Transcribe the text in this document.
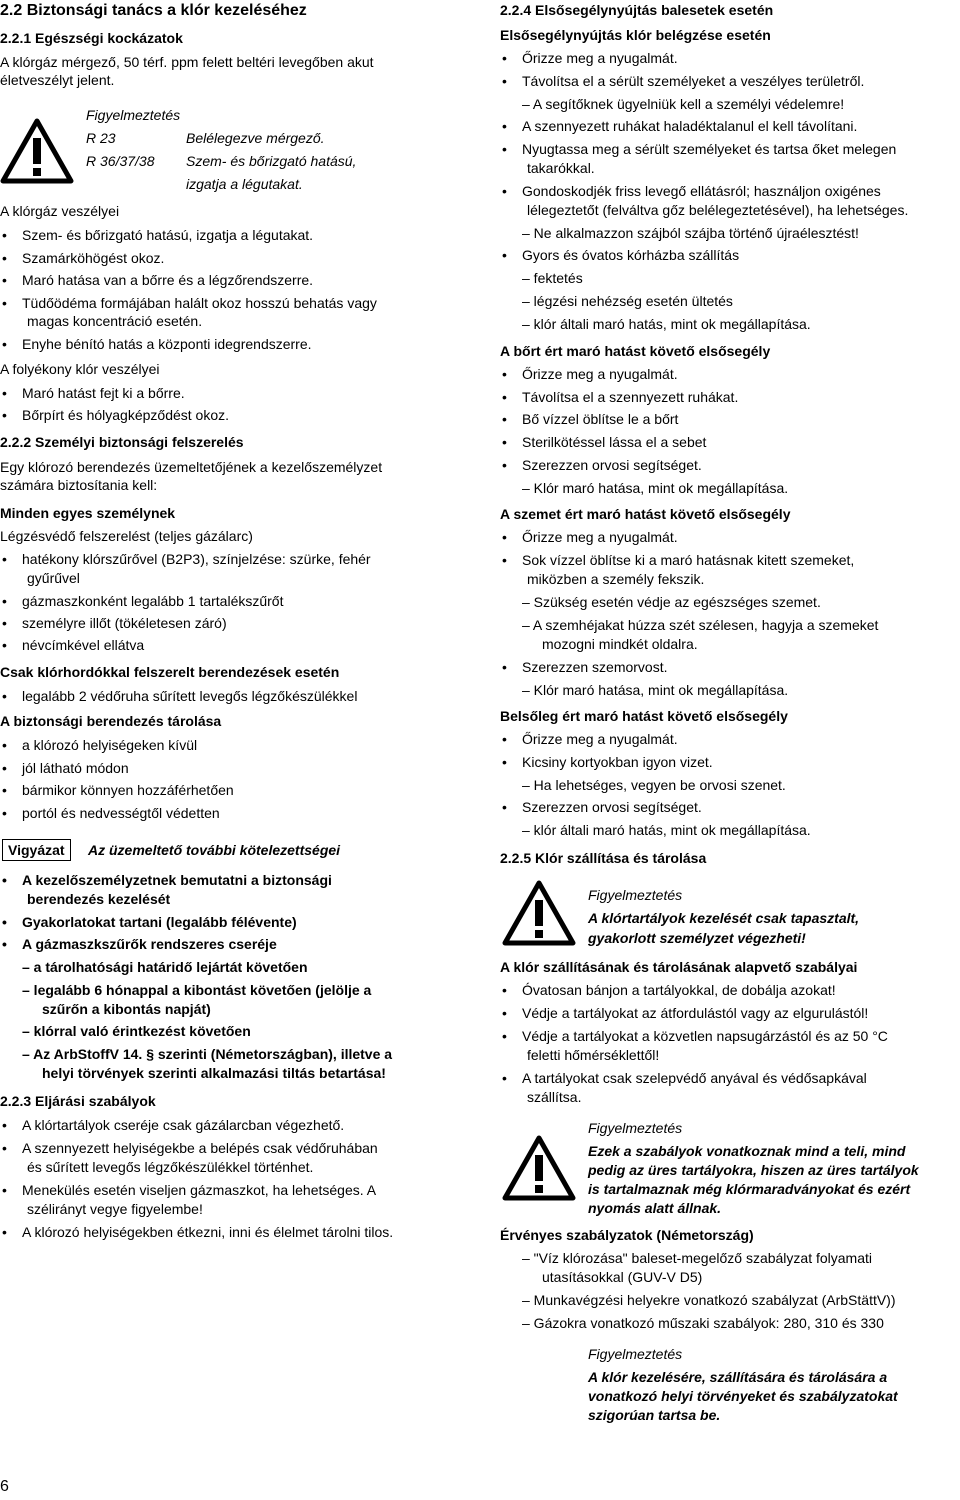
2.2 Biztonsági tanács a klór kezeléséhez
2.2.1 Egészségi kockázatok
A klórgáz mérgező, 50 térf. ppm felett beltéri levegőben akut
életveszélyt jelent.
Figyelmeztetés
R 23	Belélegezve mérgező.
R 36/37/38 Szem- és bőrizgató hatású,
izgatja a légutakat.
A klórgáz veszélyei
• Szem- és bőrizgató hatású, izgatja a légutakat.
• Szamárköhögést okoz.
• Maró hatása van a bőrre és a légzőrendszerre.
• Tüdőödéma formájában halált okoz hosszú behatás vagy
magas koncentráció esetén.
• Enyhe bénító hatás a központi idegrendszerre.
A folyékony klór veszélyei
• Maró hatást fejt ki a bőrre.
• Bőrpírt és hólyagképződést okoz.
2.2.2 Személyi biztonsági felszerelés
Egy klórozó berendezés üzemeltetőjének a kezelőszemélyzet
számára biztosítania kell:
Minden egyes személynek
Légzésvédő felszerelést (teljes gázálarc)
• hatékony klórszűrővel (B2P3), színjelzése: szürke, fehér
gyűrűvel
• gázmaszkonként legalább 1 tartalékszűrőt
• személyre illőt (tökéletesen záró)
• névcímkével ellátva
Csak klórhordókkal felszerelt berendezések esetén
• legalább 2 védőruha sűrített levegős légzőkészülékkel
A biztonsági berendezés tárolása
• a klórozó helyiségeken kívül
• jól látható módon
• bármikor könnyen hozzáférhetően
• portól és nedvességtől védetten
Vigyázat	Az üzemeltető további kötelezettségei
• A kezelőszemélyzetnek bemutatni a biztonsági
berendezés kezelését
• Gyakorlatokat tartani (legalább félévente)
• A gázmaszkszűrők rendszeres cseréje
– a tárolhatósági határidő lejártát követően
– legalább 6 hónappal a kibontást követően (jelölje a
szűrőn a kibontás napját)
– klórral való érintkezést követően
– Az ArbStoffV 14. § szerinti (Németországban), illetve a
helyi törvények szerinti alkalmazási tiltás betartása!
2.2.3 Eljárási szabályok
• A klórtartályok cseréje csak gázálarcban végezhető.
• A szennyezett helyiségekbe a belépés csak védőruhában
és sűrített levegős légzőkészülékkel történhet.
• Menekülés esetén viseljen gázmaszkot, ha lehetséges. A
szélirányt vegye figyelembe!
• A klórozó helyiségekben étkezni, inni és élelmet tárolni tilos.
6
2.2.4 Elsősegélynyújtás balesetek esetén
Elsősegélynyújtás klór belégzése esetén
• Őrizze meg a nyugalmát.
• Távolítsa el a sérült személyeket a veszélyes területről.
– A segítőknek ügyelniük kell a személyi védelemre!
• A szennyezett ruhákat haladéktalanul el kell távolítani.
• Nyugtassa meg a sérült személyeket és tartsa őket melegen
takarókkal.
• Gondoskodjék friss levegő ellátásról; használjon oxigénes
lélegeztetőt (felváltva gőz belélegeztetésével), ha lehetséges.
– Ne alkalmazzon szájból szájba történő újraélesztést!
• Gyors és óvatos kórházba szállítás
– fektetés
– légzési nehézség esetén ültetés
– klór általi maró hatás, mint ok megállapítása.
A bőrt ért maró hatást követő elsősegély
• Őrizze meg a nyugalmát.
• Távolítsa el a szennyezett ruhákat.
• Bő vízzel öblítse le a bőrt
• Sterilkötéssel lássa el a sebet
• Szerezzen orvosi segítséget.
– Klór maró hatása, mint ok megállapítása.
A szemet ért maró hatást követő elsősegély
• Őrizze meg a nyugalmát.
• Sok vízzel öblítse ki a maró hatásnak kitett szemeket,
miközben a személy fekszik.
– Szükség esetén védje az egészséges szemet.
– A szemhéjakat húzza szét szélesen, hagyja a szemeket
mozogni mindkét oldalra.
• Szerezzen szemorvost.
– Klór maró hatása, mint ok megállapítása.
Belsőleg ért maró hatást követő elsősegély
• Őrizze meg a nyugalmát.
• Kicsiny kortyokban igyon vizet.
– Ha lehetséges, vegyen be orvosi szenet.
• Szerezzen orvosi segítséget.
– klór általi maró hatás, mint ok megállapítása.
2.2.5 Klór szállítása és tárolása
Figyelmeztetés
A klórtartályok kezelését csak tapasztalt,
gyakorlott személyzet végezheti!
A klór szállításának és tárolásának alapvető szabályai
• Óvatosan bánjon a tartályokkal, de dobálja azokat!
• Védje a tartályokat az átfordulástól vagy az elgurulástól!
• Védje a tartályokat a közvetlen napsugárzástól és az 50 °C
feletti hőmérséklettől!
• A tartályokat csak szelepvédő anyával és védősapkával
szállítsa.
Figyelmeztetés
Ezek a szabályok vonatkoznak mind a teli, mind
pedig az üres tartályokra, hiszen az üres tartályok
is tartalmaznak még klórmaradványokat és ezért
nyomás alatt állnak.
Érvényes szabályzatok (Németország)
– "Víz klórozása" baleset-megelőző szabályzat folyamati
utasításokkal (GUV-V D5)
– Munkavégzési helyekre vonatkozó szabályzat (ArbStättV))
– Gázokra vonatkozó műszaki szabályok: 280, 310 és 330
Figyelmeztetés
A klór kezelésére, szállítására és tárolására a
vonatkozó helyi törvényeket és szabályzatokat
szigorúan tartsa be.
